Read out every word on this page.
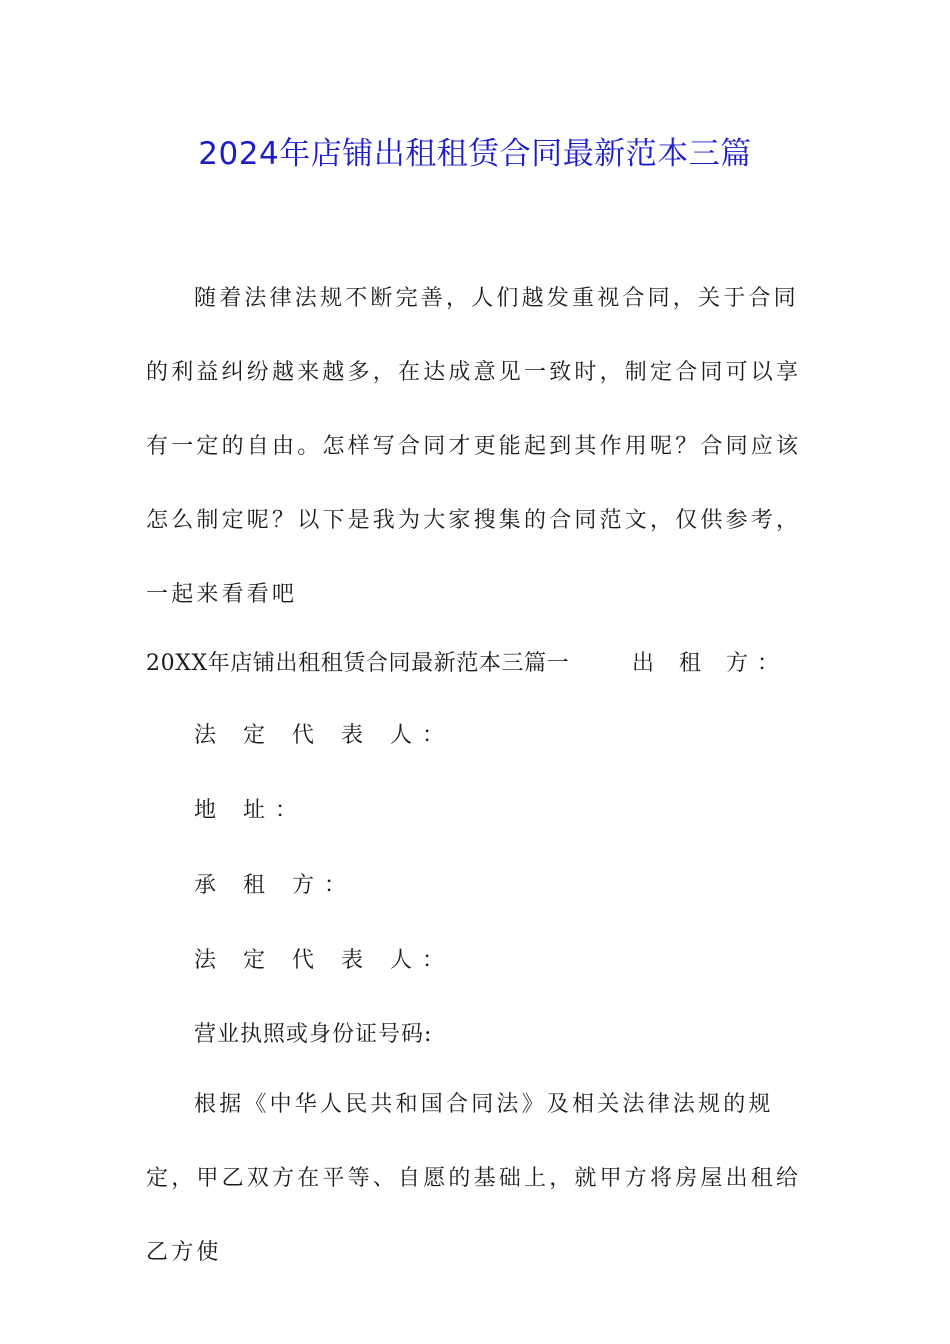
2024年店铺出租租赁合同最新范本三篇

随着法律法规不断完善，人们越发重视合同，关于合同的利益纠纷越来越多，在达成意见一致时，制定合同可以享有一定的自由。怎样写合同才更能起到其作用呢？合同应该怎么制定呢？以下是我为大家搜集的合同范文，仅供参考，一起来看看吧

20XX年店铺出租租赁合同最新范本三篇一	出 租 方：
法 定 代 表 人：
地 址：
承 租 方：
法 定 代 表 人：
营业执照或身份证号码:

根据《中华人民共和国合同法》及相关法律法规的规定，甲乙双方在平等、自愿的基础上，就甲方将房屋出租给乙方使
